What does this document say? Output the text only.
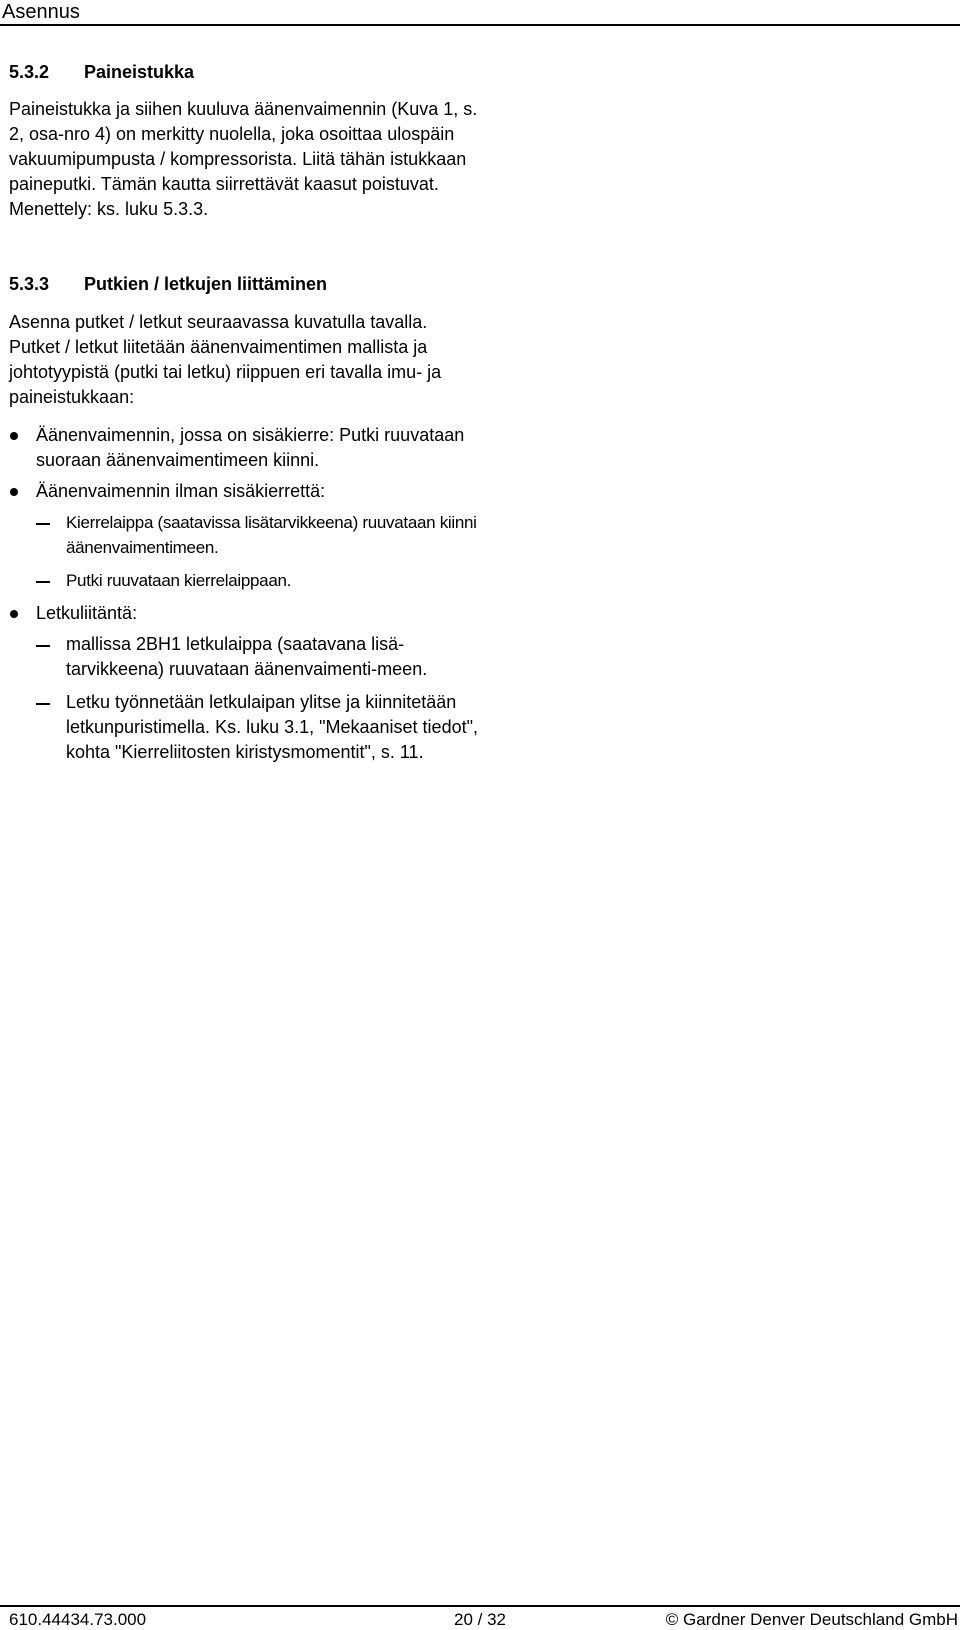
Asennus
5.3.2	Paineistukka

Paineistukka ja siihen kuuluva äänenvaimennin (Kuva 1, s. 2, osa-nro 4) on merkitty nuolella, joka osoittaa ulospäin vakuumipumpusta / kompressorista. Liitä tähän istukkaan paineputki. Tämän kautta siirrettävät kaasut poistuvat. Menettely: ks. luku 5.3.3.

5.3.3	Putkien / letkujen liittäminen

Asenna putket / letkut seuraavassa kuvatulla tavalla. Putket / letkut liitetään äänenvaimentimen mallista ja johtotyypistä (putki tai letku) riippuen eri tavalla imu- ja paineistukkaan:

Äänenvaimennin, jossa on sisäkierre: Putki ruuvataan suoraan äänenvaimentimeen kiinni.
Äänenvaimennin ilman sisäkierrettä:
Kierrelaippa (saatavissa lisätarvikkeena) ruuvataan kiinni äänenvaimentimeen.
Putki ruuvataan kierrelaippaan.
Letkuliitäntä:
mallissa 2BH1 letkulaippa (saatavana lisä-tarvikkeena) ruuvataan äänenvaimenti-meen.
Letku työnnetään letkulaipan ylitse ja kiinnitetään letkunpuristimella. Ks. luku 3.1, "Mekaaniset tiedot", kohta "Kierreliitosten kiristysmomentit", s. 11.
610.44434.73.000	20 / 32	© Gardner Denver Deutschland GmbH
